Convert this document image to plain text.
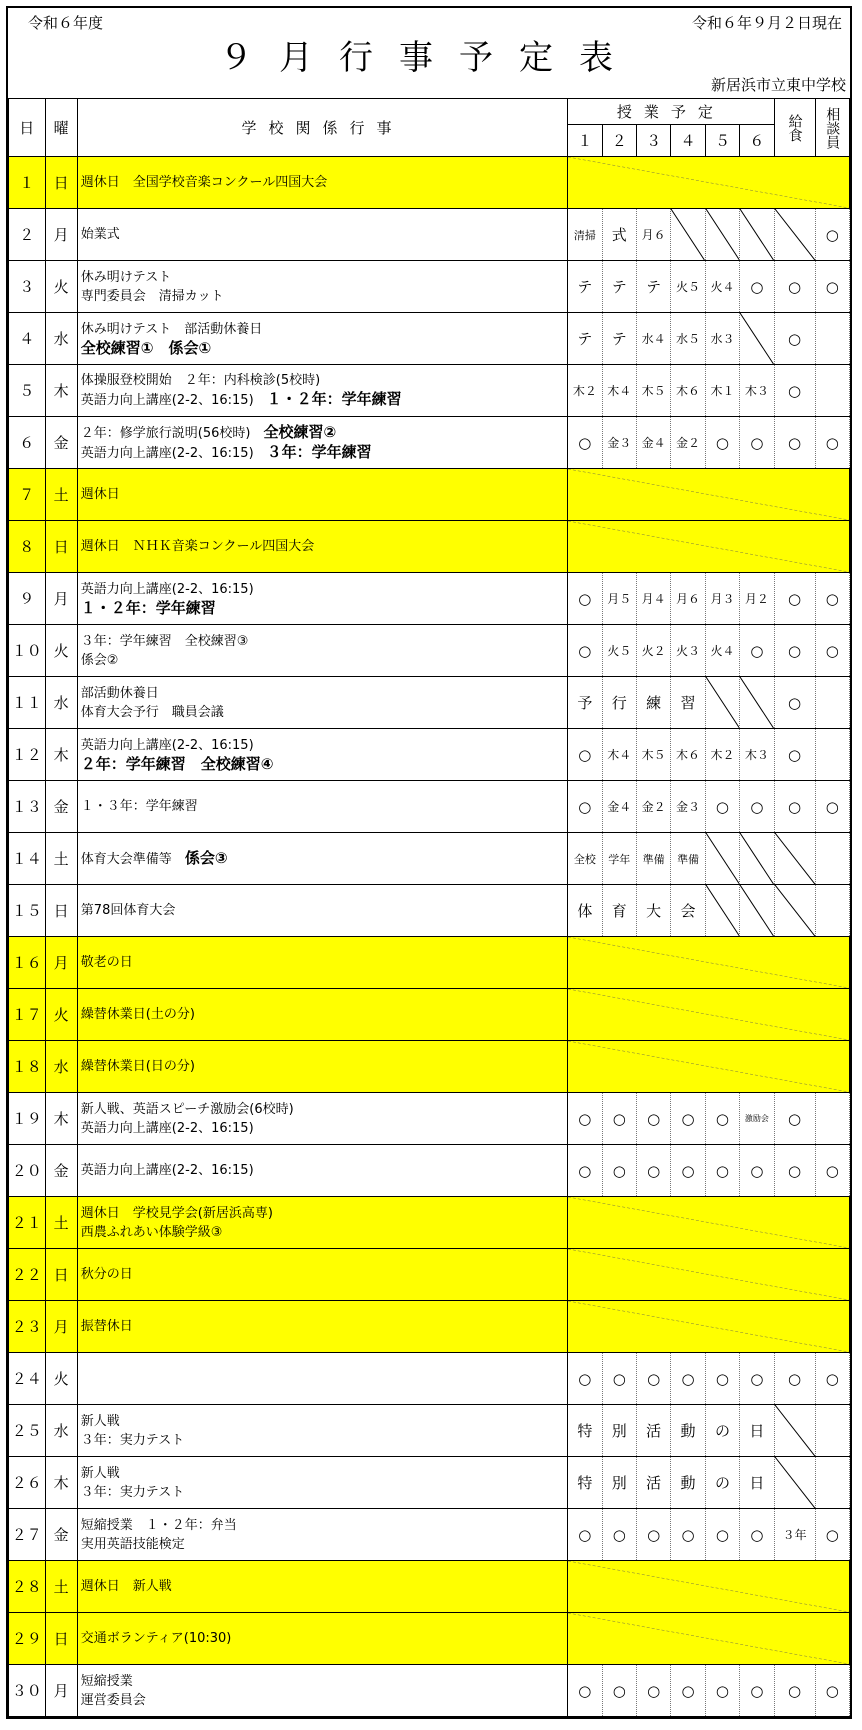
令和６年度	令和６年９月２日現在
９月行事予定表
新居浜市立東中学校
日	曜	学校関係行事	授業予定						給食	相談員

			１	２	３	４	５	６		
１	日	週休日　全国学校音楽コンクール四国大会

２	月	始業式	清掃	式	月６					○
３	火	休み明けテスト
専門委員会　清掃カット	テ	テ	テ	火５	火４	○	○	○
４	水	休み明けテスト　部活動休養日
全校練習①　係会①	テ	テ	水４	水５	水３		○	
５	木	体操服登校開始　２年：内科検診(5校時)
英語力向上講座(2-2、16:15)　１・２年：学年練習	木２	木４	木５	木６	木１	木３	○	
６	金	２年：修学旅行説明(56校時)　全校練習②
英語力向上講座(2-2、16:15)　３年：学年練習	○	金３	金４	金２	○	○	○	○
７	土	週休日

８	日	週休日　ＮＨＫ音楽コンクール四国大会

９	月	英語力向上講座(2-2、16:15)
１・２年：学年練習	○	月５	月４	月６	月３	月２	○	○
１０	火	３年：学年練習　全校練習③
係会②	○	火５	火２	火３	火４	○	○	○
１１	水	部活動休養日
体育大会予行　職員会議	予	行	練	習			○	
１２	木	英語力向上講座(2-2、16:15)
２年：学年練習　全校練習④	○	木４	木５	木６	木２	木３	○	
１３	金	１・３年：学年練習	○	金４	金２	金３	○	○	○	○
１４	土	体育大会準備等　係会③	全校	学年	準備	準備	

１５	日	第78回体育大会	体	育	大	会	

１６	月	敬老の日

１７	火	繰替休業日(土の分)

１８	水	繰替休業日(日の分)

１９	木	新人戦、英語スピーチ激励会(6校時)
英語力向上講座(2-2、16:15)	○	○	○	○	○	激励会	○	
２０	金	英語力向上講座(2-2、16:15)	○	○	○	○	○	○	○	○
２１	土	週休日　学校見学会(新居浜高専)
西農ふれあい体験学級③

２２	日	秋分の日

２３	月	振替休日

２４	火		○	○	○	○	○	○	○	○
２５	水	新人戦
３年：実力テスト	特	別	活	動	の	日	

２６	木	新人戦
３年：実力テスト	特	別	活	動	の	日	

２７	金	短縮授業　１・２年：弁当
実用英語技能検定	○	○	○	○	○	○	３年	○
２８	土	週休日　新人戦

２９	日	交通ボランティア(10:30)

３０	月	短縮授業
運営委員会	○	○	○	○	○	○	○	○
